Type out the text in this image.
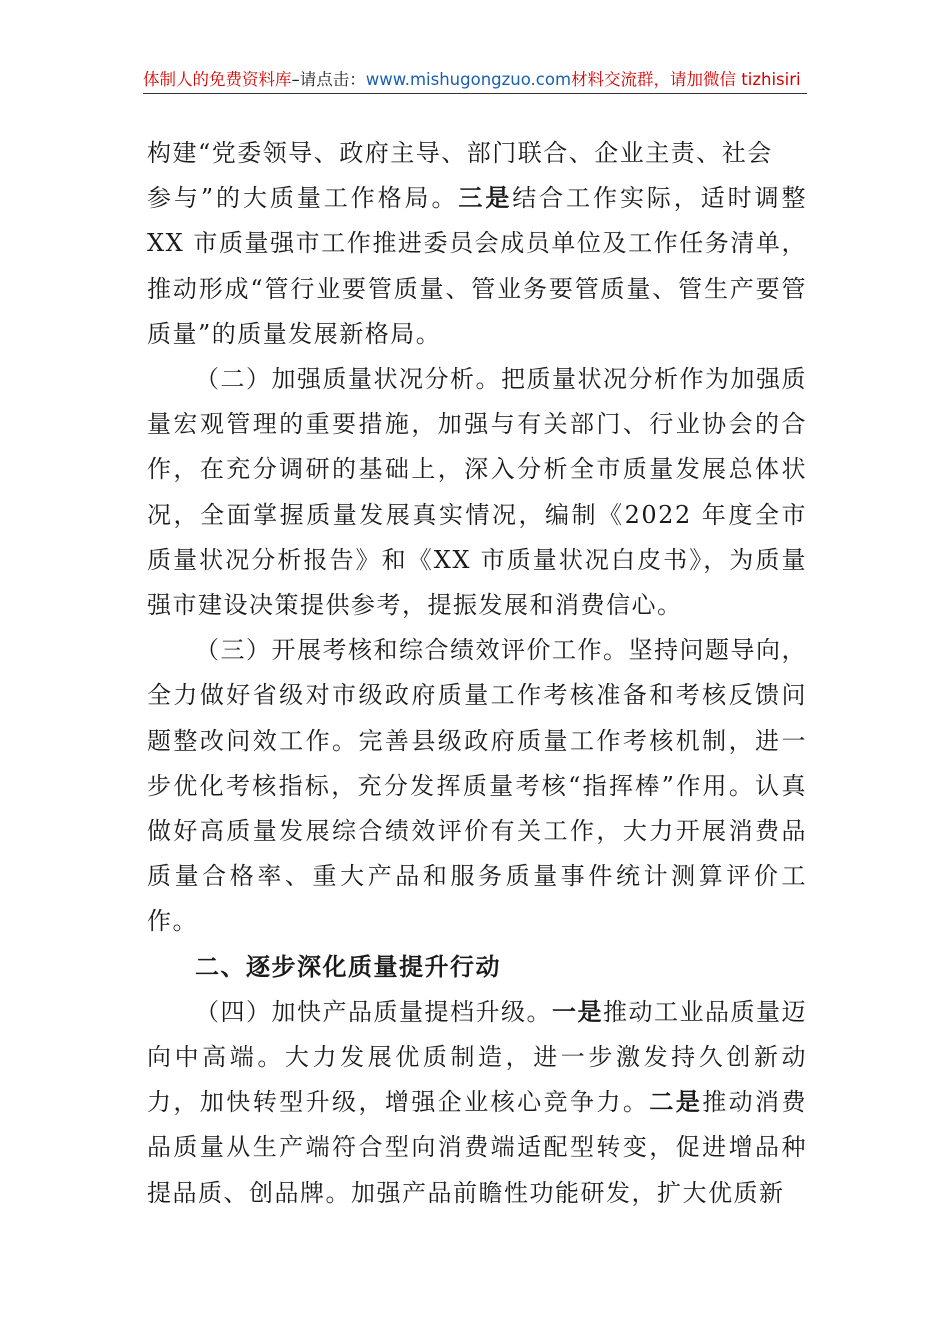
体制人的免费资料库–请点击：www.mishugongzuo.com材料交流群，请加微信 tizhisiri

构建“党委领导、政府主导、部门联合、企业主责、社会
参与”的大质量工作格局。三是结合工作实际，适时调整XX 市质量强市工作推进委员会成员单位及工作任务清单，推动形成“管行业要管质量、管业务要管质量、管生产要管质量”的质量发展新格局。

（二）加强质量状况分析。把质量状况分析作为加强质量宏观管理的重要措施，加强与有关部门、行业协会的合作，在充分调研的基础上，深入分析全市质量发展总体状况，全面掌握质量发展真实情况，编制《2022 年度全市质量状况分析报告》和《XX 市质量状况白皮书》，为质量强市建设决策提供参考，提振发展和消费信心。

（三）开展考核和综合绩效评价工作。坚持问题导向，全力做好省级对市级政府质量工作考核准备和考核反馈问题整改问效工作。完善县级政府质量工作考核机制，进一步优化考核指标，充分发挥质量考核“指挥棒”作用。认真做好高质量发展综合绩效评价有关工作，大力开展消费品质量合格率、重大产品和服务质量事件统计测算评价工作。

二、逐步深化质量提升行动

（四）加快产品质量提档升级。一是推动工业品质量迈向中高端。大力发展优质制造，进一步激发持久创新动力，加快转型升级，增强企业核心竞争力。二是推动消费品质量从生产端符合型向消费端适配型转变，促进增品种提品质、创品牌。加强产品前瞻性功能研发，扩大优质新
